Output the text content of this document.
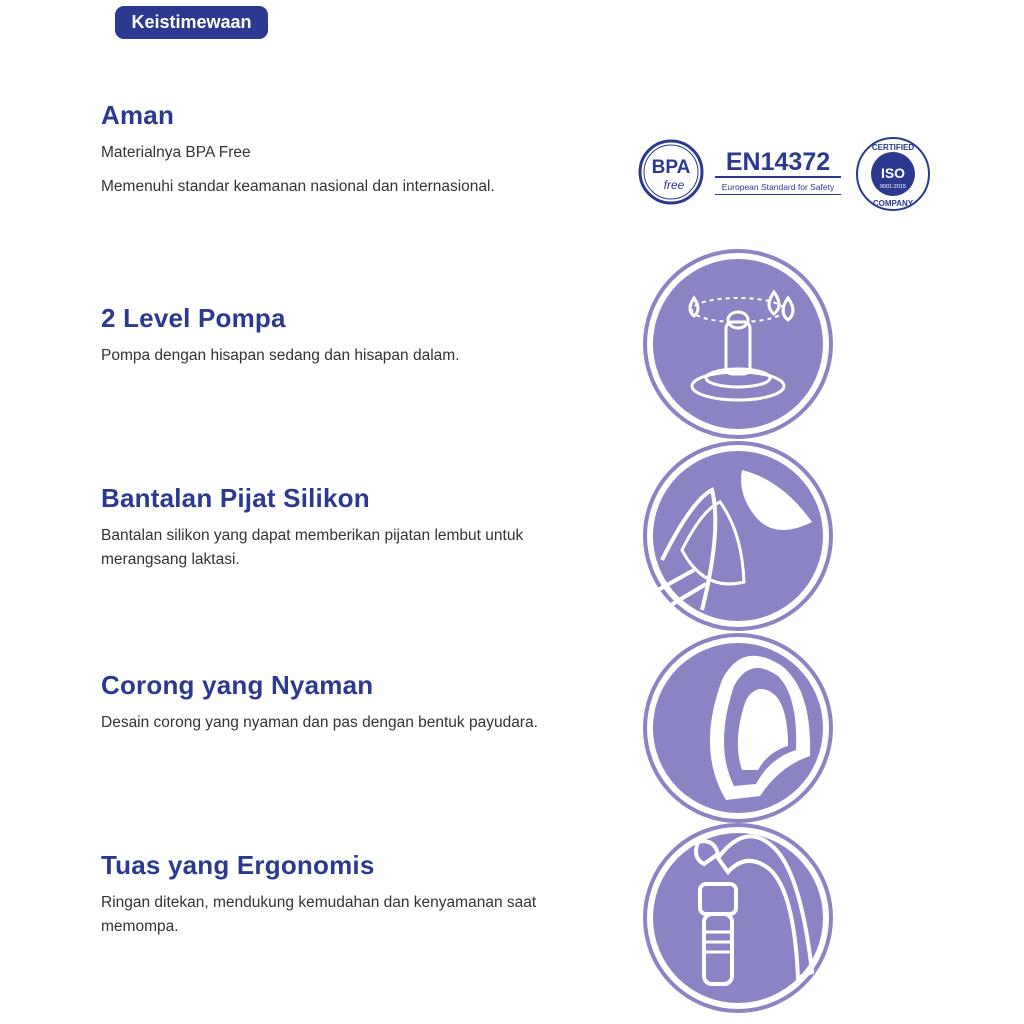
Keistimewaan
Aman

Materialnya BPA Free

Memenuhi standar keamanan nasional dan internasional.

BPA
free
EN14372
European Standard for Safety
CERTIFIED
ISO
9001:2015
COMPANY
2 Level Pompa

Pompa dengan hisapan sedang dan hisapan dalam.

Bantalan Pijat Silikon

Bantalan silikon yang dapat memberikan pijatan lembut untuk merangsang laktasi.

Corong yang Nyaman

Desain corong yang nyaman dan pas dengan bentuk payudara.

Tuas yang Ergonomis

Ringan ditekan, mendukung kemudahan dan kenyamanan saat memompa.
